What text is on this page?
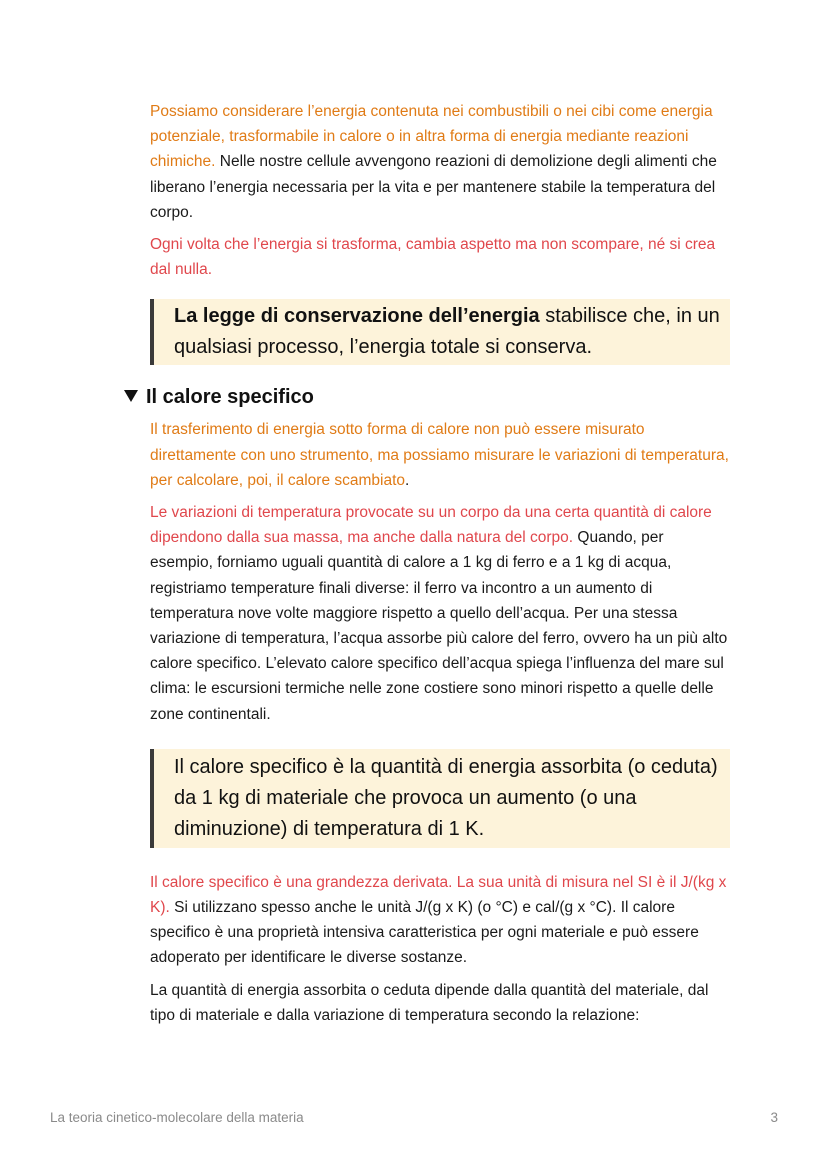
Possiamo considerare l’energia contenuta nei combustibili o nei cibi come energia potenziale, trasformabile in calore o in altra forma di energia mediante reazioni chimiche. Nelle nostre cellule avvengono reazioni di demolizione degli alimenti che liberano l’energia necessaria per la vita e per mantenere stabile la temperatura del corpo.

Ogni volta che l’energia si trasforma, cambia aspetto ma non scompare, né si crea dal nulla.

La legge di conservazione dell’energia stabilisce che, in un qualsiasi processo, l’energia totale si conserva.
Il calore specifico

Il trasferimento di energia sotto forma di calore non può essere misurato direttamente con uno strumento, ma possiamo misurare le variazioni di temperatura, per calcolare, poi, il calore scambiato.

Le variazioni di temperatura provocate su un corpo da una certa quantità di calore dipendono dalla sua massa, ma anche dalla natura del corpo. Quando, per esempio, forniamo uguali quantità di calore a 1 kg di ferro e a 1 kg di acqua, registriamo temperature finali diverse: il ferro va incontro a un aumento di temperatura nove volte maggiore rispetto a quello dell’acqua. Per una stessa variazione di temperatura, l’acqua assorbe più calore del ferro, ovvero ha un più alto calore specifico. L’elevato calore specifico dell’acqua spiega l’influenza del mare sul clima: le escursioni termiche nelle zone costiere sono minori rispetto a quelle delle zone continentali.

Il calore specifico è la quantità di energia assorbita (o ceduta) da 1 kg di materiale che provoca un aumento (o una diminuzione) di temperatura di 1 K.

Il calore specifico è una grandezza derivata. La sua unità di misura nel SI è il J/(kg x K). Si utilizzano spesso anche le unità J/(g x K) (o °C) e cal/(g x °C). Il calore specifico è una proprietà intensiva caratteristica per ogni materiale e può essere adoperato per identificare le diverse sostanze.

La quantità di energia assorbita o ceduta dipende dalla quantità del materiale, dal tipo di materiale e dalla variazione di temperatura secondo la relazione:

La teoria cinetico-molecolare della materia	3
